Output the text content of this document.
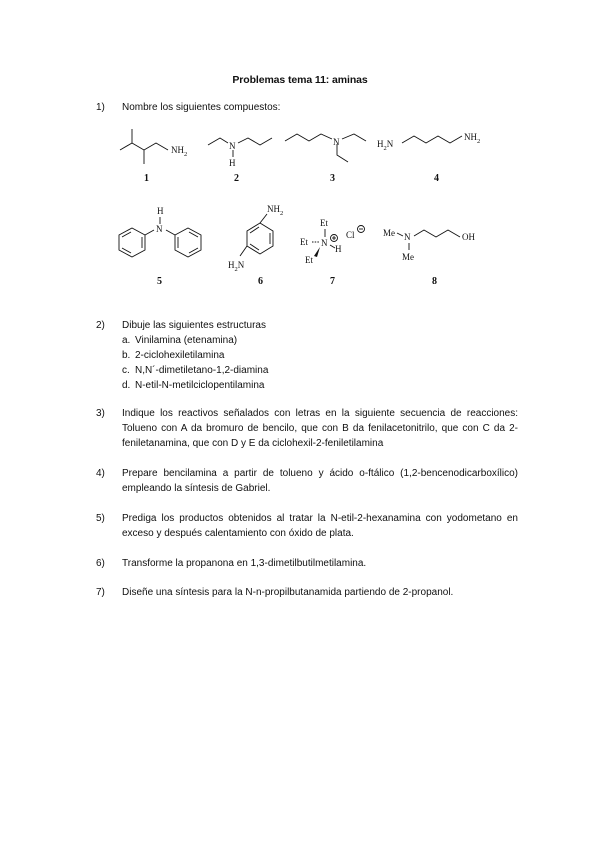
Problemas tema 11: aminas
1) Nombre los siguientes compuestos:
$NH_2$
1
N
H
2
N
3
$H_2N$
$NH_2$
4
H
N
5
$NH_2$
$H_2N$
6
Et
Et N
H
Et
Cl
7
Me N
Me
OH
8
2) Dibuje las siguientes estructuras
a. Vinilamina (etenamina)
b. 2-ciclohexiletilamina
c. N,N´-dimetiletano-1,2-diamina
d. N-etil-N-metilciclopentilamina
3) Indique los reactivos señalados con letras en la siguiente secuencia de reacciones: Tolueno con A da bromuro de bencilo, que con B da fenilacetonitrilo, que con C da 2-feniletanamina, que con D y E da ciclohexil-2-feniletilamina
4) Prepare bencilamina a partir de tolueno y ácido o-ftálico (1,2-bencenodicarboxílico) empleando la síntesis de Gabriel.
5) Prediga los productos obtenidos al tratar la N-etil-2-hexanamina con yodometano en exceso y después calentamiento con óxido de plata.
6) Transforme la propanona en 1,3-dimetilbutilmetilamina.
7) Diseñe una síntesis para la N-n-propilbutanamida partiendo de 2-propanol.
